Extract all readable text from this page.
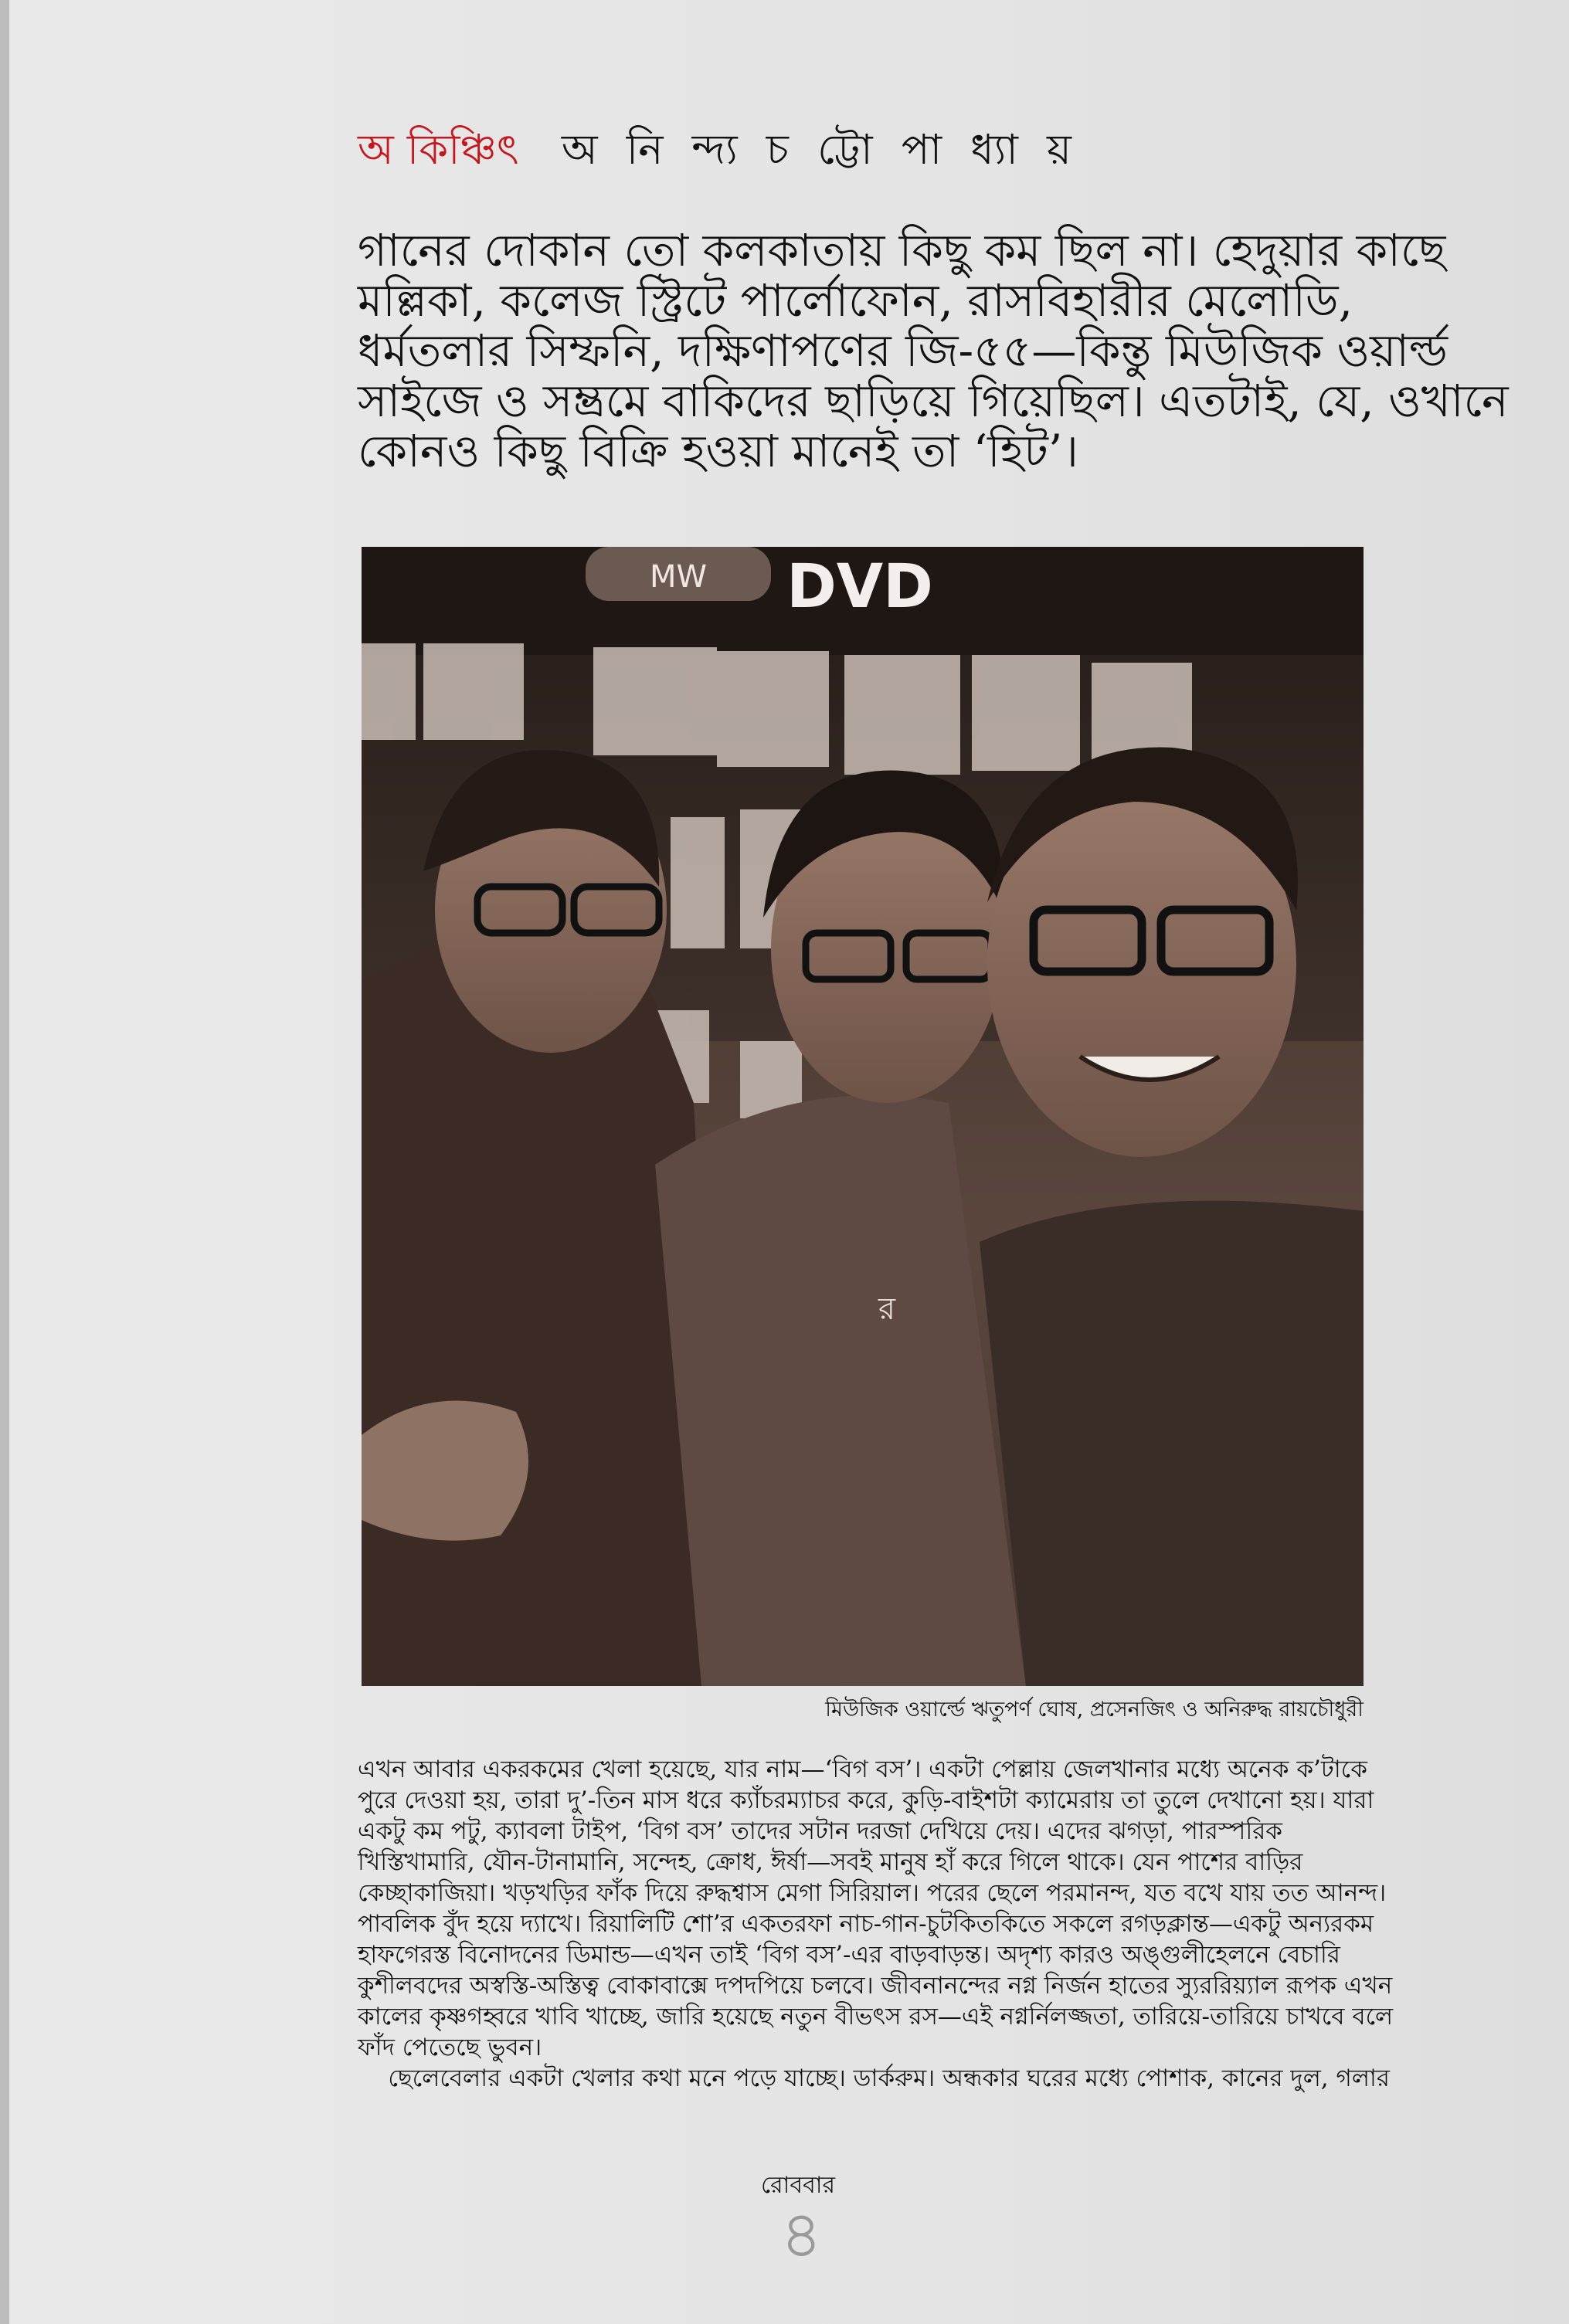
অ কিঞ্চিৎ অ নি ন্দ্য চ ট্টো পা ধ্যা য়
গানের দোকান তো কলকাতায় কিছু কম ছিল না। হেদুয়ার কাছে
মল্লিকা, কলেজ স্ট্রিটে পার্লোফোন, রাসবিহারীর মেলোডি,
ধর্মতলার সিম্ফনি, দক্ষিণাপণের জি-৫৫—কিন্তু মিউজিক ওয়ার্ল্ড
সাইজে ও সম্ভ্রমে বাকিদের ছাড়িয়ে গিয়েছিল। এতটাই, যে, ওখানে
কোনও কিছু বিক্রি হওয়া মানেই তা ‘হিট’।
MW DVD
র
মিউজিক ওয়ার্ল্ডে ঋতুপর্ণ ঘোষ, প্রসেনজিৎ ও অনিরুদ্ধ রায়চৌধুরী
এখন আবার একরকমের খেলা হয়েছে, যার নাম—‘বিগ বস’। একটা পেল্লায় জেলখানার মধ্যে অনেক ক’টাকে
পুরে দেওয়া হয়, তারা দু’-তিন মাস ধরে ক্যাঁচরম্যাচর করে, কুড়ি-বাইশটা ক্যামেরায় তা তুলে দেখানো হয়। যারা
একটু কম পটু, ক্যাবলা টাইপ, ‘বিগ বস’ তাদের সটান দরজা দেখিয়ে দেয়। এদের ঝগড়া, পারস্পরিক
খিস্তিখামারি, যৌন-টানামানি, সন্দেহ, ক্রোধ, ঈর্ষা—সবই মানুষ হাঁ করে গিলে থাকে। যেন পাশের বাড়ির
কেচ্ছাকাজিয়া। খড়খড়ির ফাঁক দিয়ে রুদ্ধশ্বাস মেগা সিরিয়াল। পরের ছেলে পরমানন্দ, যত বখে যায় তত আনন্দ।
পাবলিক বুঁদ হয়ে দ্যাখে। রিয়ালিটি শো’র একতরফা নাচ-গান-চুটকিতকিতে সকলে রগড়ক্লান্ত—একটু অন্যরকম
হাফগেরস্ত বিনোদনের ডিমান্ড—এখন তাই ‘বিগ বস’-এর বাড়বাড়ন্ত। অদৃশ্য কারও অঙ্গুলীহেলনে বেচারি
কুশীলবদের অস্বস্তি-অস্তিত্ব বোকাবাক্সে দপদপিয়ে চলবে। জীবনানন্দের নগ্ন নির্জন হাতের স্যুররিয়্যাল রূপক এখন
কালের কৃষ্ণগহ্বরে খাবি খাচ্ছে, জারি হয়েছে নতুন বীভৎস রস—এই নগ্নর্নিলজ্জতা, তারিয়ে-তারিয়ে চাখবে বলে
ফাঁদ পেতেছে ভুবন।
ছেলেবেলার একটা খেলার কথা মনে পড়ে যাচ্ছে। ডার্করুম। অন্ধকার ঘরের মধ্যে পোশাক, কানের দুল, গলার
রোববার
৪
